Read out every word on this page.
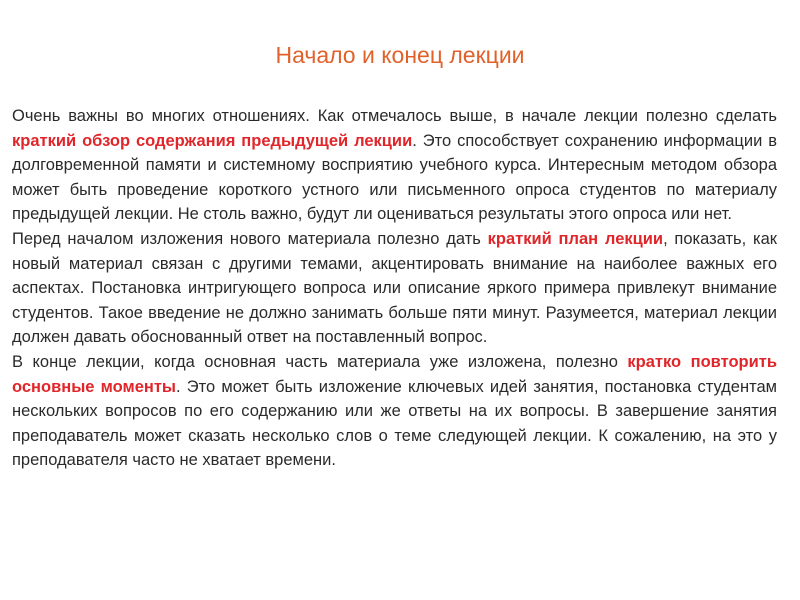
Начало и конец лекции

Очень важны во многих отношениях. Как отмечалось выше, в начале лекции полезно сделать краткий обзор содержания предыдущей лекции. Это способствует сохранению информации в долговременной памяти и системному восприятию учебного курса. Интересным методом обзора может быть проведение короткого устного или письменного опроса студентов по материалу предыдущей лекции. Не столь важно, будут ли оцениваться результаты этого опроса или нет.

Перед началом изложения нового материала полезно дать краткий план лекции, показать, как новый материал связан с другими темами, акцентировать внимание на наиболее важных его аспектах. Постановка интригующего вопроса или описание яркого примера привлекут внимание студентов. Такое введение не должно занимать больше пяти минут. Разумеется, материал лекции должен давать обоснованный ответ на поставленный вопрос.

В конце лекции, когда основная часть материала уже изложена, полезно кратко повторить основные моменты. Это может быть изложение ключевых идей занятия, постановка студентам нескольких вопросов по его содержанию или же ответы на их вопросы. В завершение занятия преподаватель может сказать несколько слов о теме следующей лекции. К сожалению, на это у преподавателя часто не хватает времени.
